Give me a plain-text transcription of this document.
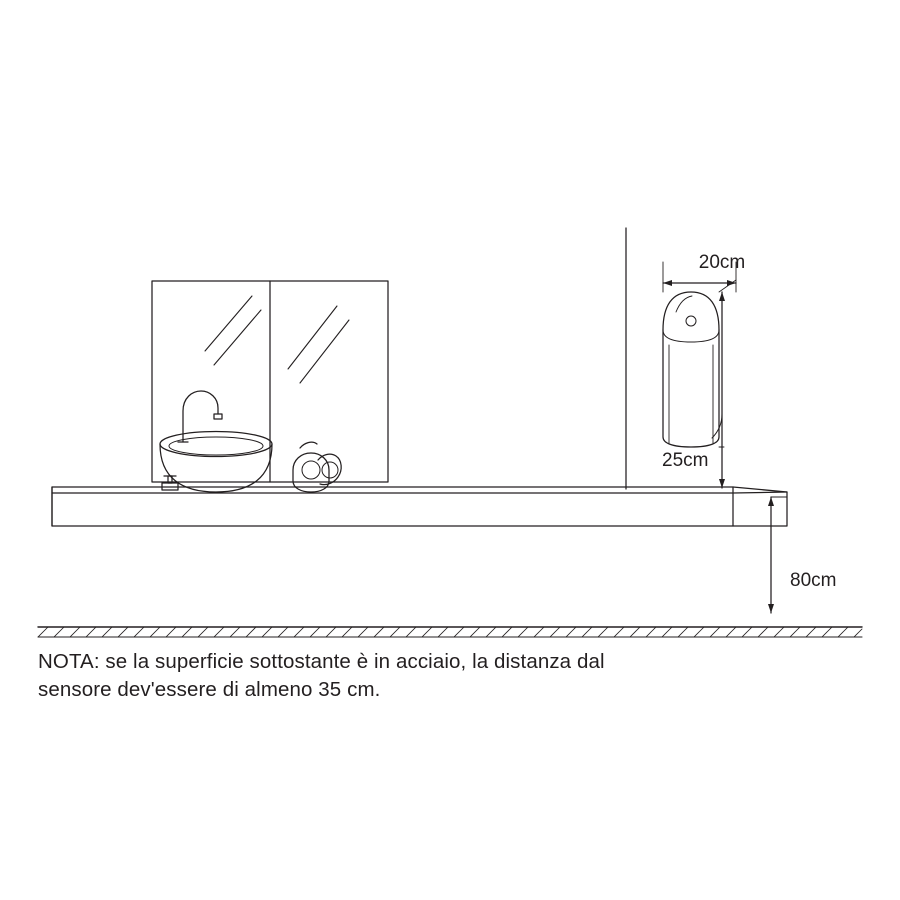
20cm
25cm
80cm
NOTA: se la superficie sottostante è in acciaio, la distanza dal
sensore dev'essere di almeno 35 cm.
